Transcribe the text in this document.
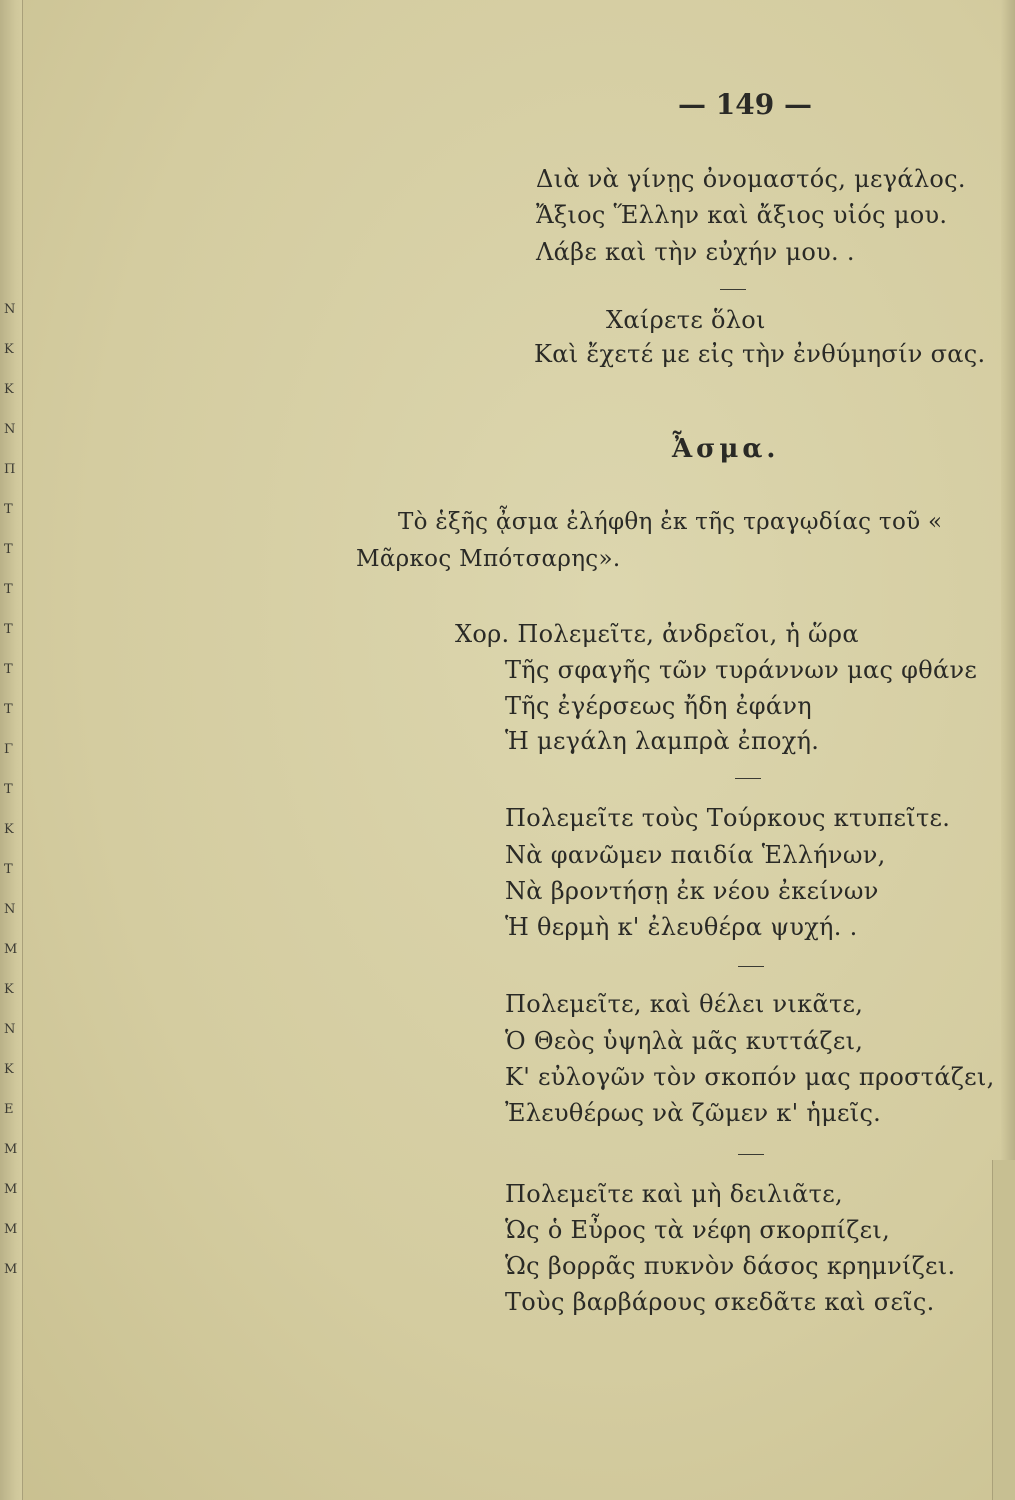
N
K
K
N
Π
T
T
T
T
T
T
Γ
T
K
T
N
M
K
N
K
E
M
M
M
M
— 149 —
Διὰ νὰ γίνῃς ὀνομαστός, μεγάλος.
Ἄξιος Ἕλλην καὶ ἄξιος υἱός μου.
Λάβε καὶ τὴν εὐχήν μου. .
Χαίρετε ὅλοι
Καὶ ἔχετέ με εἰς τὴν ἐνθύμησίν σας.
Ἆσμα.
Τὸ ἑξῆς ᾆσμα ἐλήφθη ἐκ τῆς τραγῳδίας τοῦ «
Μᾶρκος Μπότσαρης».
Χορ. Πολεμεῖτε, ἀνδρεῖοι, ἡ ὥρα
Τῆς σφαγῆς τῶν τυράννων μας φθάνε
Τῆς ἐγέρσεως ἤδη ἐφάνη
Ἡ μεγάλη λαμπρὰ ἐποχή.
Πολεμεῖτε τοὺς Τούρκους κτυπεῖτε.
Νὰ φανῶμεν παιδία Ἑλλήνων,
Νὰ βροντήσῃ ἐκ νέου ἐκείνων
Ἡ θερμὴ κ' ἐλευθέρα ψυχή. .
Πολεμεῖτε, καὶ θέλει νικᾶτε,
Ὁ Θεὸς ὑψηλὰ μᾶς κυττάζει,
Κ' εὐλογῶν τὸν σκοπόν μας προστάζει,
Ἐλευθέρως νὰ ζῶμεν κ' ἡμεῖς.
Πολεμεῖτε καὶ μὴ δειλιᾶτε,
Ὡς ὁ Εὖρος τὰ νέφη σκορπίζει,
Ὡς βορρᾶς πυκνὸν δάσος κρημνίζει.
Τοὺς βαρβάρους σκεδᾶτε καὶ σεῖς.
